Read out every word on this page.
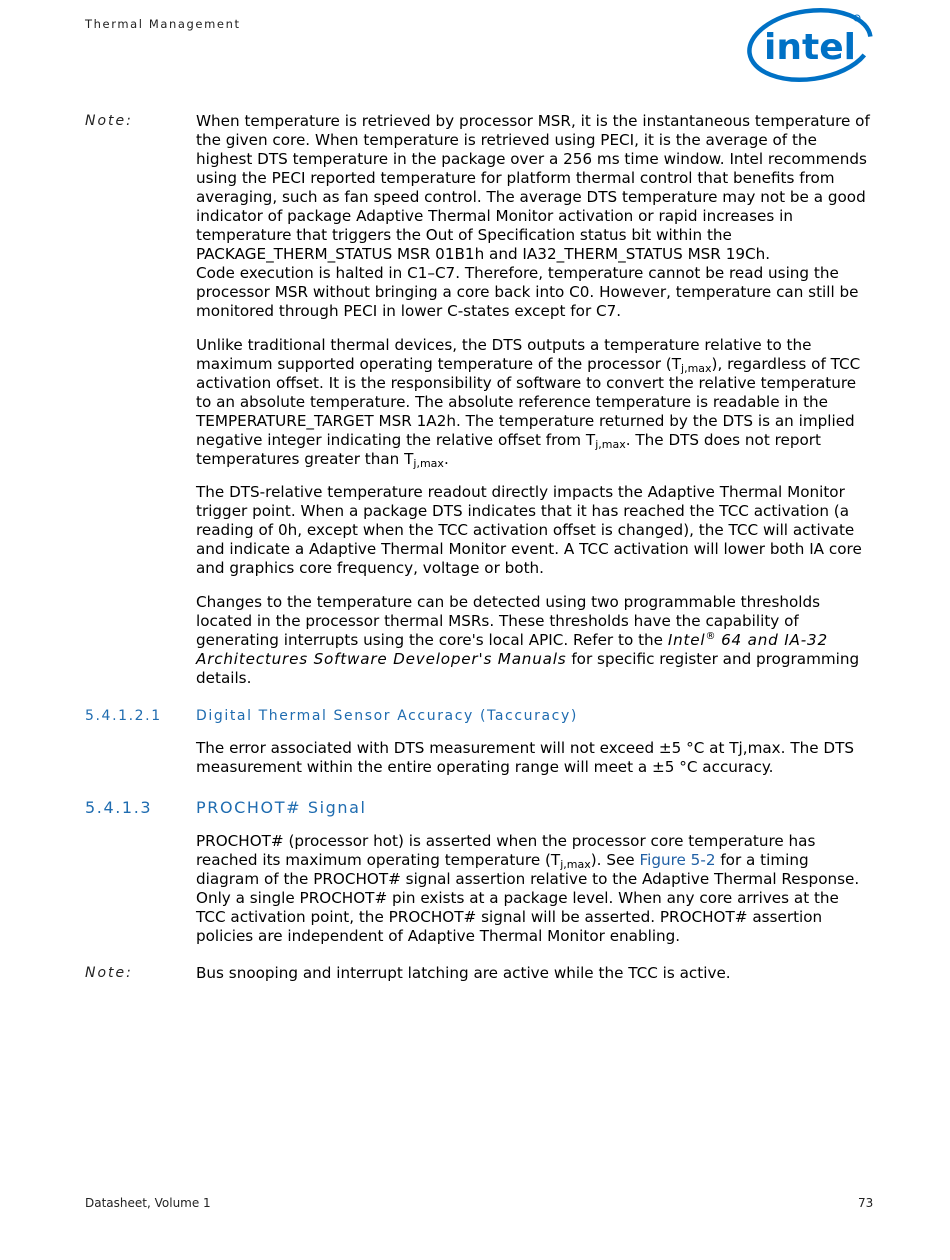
Thermal Management
intel
Note:	When temperature is retrieved by processor MSR, it is the instantaneous temperature of the given core. When temperature is retrieved using PECI, it is the average of the highest DTS temperature in the package over a 256 ms time window. Intel recommends using the PECI reported temperature for platform thermal control that benefits from averaging, such as fan speed control. The average DTS temperature may not be a good indicator of package Adaptive Thermal Monitor activation or rapid increases in temperature that triggers the Out of Specification status bit within the PACKAGE_THERM_STATUS MSR 01B1h and IA32_THERM_STATUS MSR 19Ch.

Code execution is halted in C1–C7. Therefore, temperature cannot be read using the processor MSR without bringing a core back into C0. However, temperature can still be monitored through PECI in lower C-states except for C7.

Unlike traditional thermal devices, the DTS outputs a temperature relative to the maximum supported operating temperature of the processor $(T_{j,max})$, regardless of TCC activation offset. It is the responsibility of software to convert the relative temperature to an absolute temperature. The absolute reference temperature is readable in the TEMPERATURE_TARGET MSR 1A2h. The temperature returned by the DTS is an implied negative integer indicating the relative offset from $T_{j,max}$. The DTS does not report temperatures greater than $T_{j,max}$.

The DTS-relative temperature readout directly impacts the Adaptive Thermal Monitor trigger point. When a package DTS indicates that it has reached the TCC activation (a reading of 0h, except when the TCC activation offset is changed), the TCC will activate and indicate a Adaptive Thermal Monitor event. A TCC activation will lower both IA core and graphics core frequency, voltage or both.

Changes to the temperature can be detected using two programmable thresholds located in the processor thermal MSRs. These thresholds have the capability of generating interrupts using the core's local APIC. Refer to the Intel® 64 and IA-32 Architectures Software Developer's Manuals for specific register and programming details.

5.4.1.2.1 Digital Thermal Sensor Accuracy (Taccuracy)

The error associated with DTS measurement will not exceed ±5 °C at Tj,max. The DTS measurement within the entire operating range will meet a ±5 °C accuracy.

5.4.1.3	PROCHOT# Signal

PROCHOT# (processor hot) is asserted when the processor core temperature has reached its maximum operating temperature $(T_{j,max})$. See Figure 5-2 for a timing diagram of the PROCHOT# signal assertion relative to the Adaptive Thermal Response. Only a single PROCHOT# pin exists at a package level. When any core arrives at the TCC activation point, the PROCHOT# signal will be asserted. PROCHOT# assertion policies are independent of Adaptive Thermal Monitor enabling.

Note:	Bus snooping and interrupt latching are active while the TCC is active.

Datasheet, Volume 1	73
